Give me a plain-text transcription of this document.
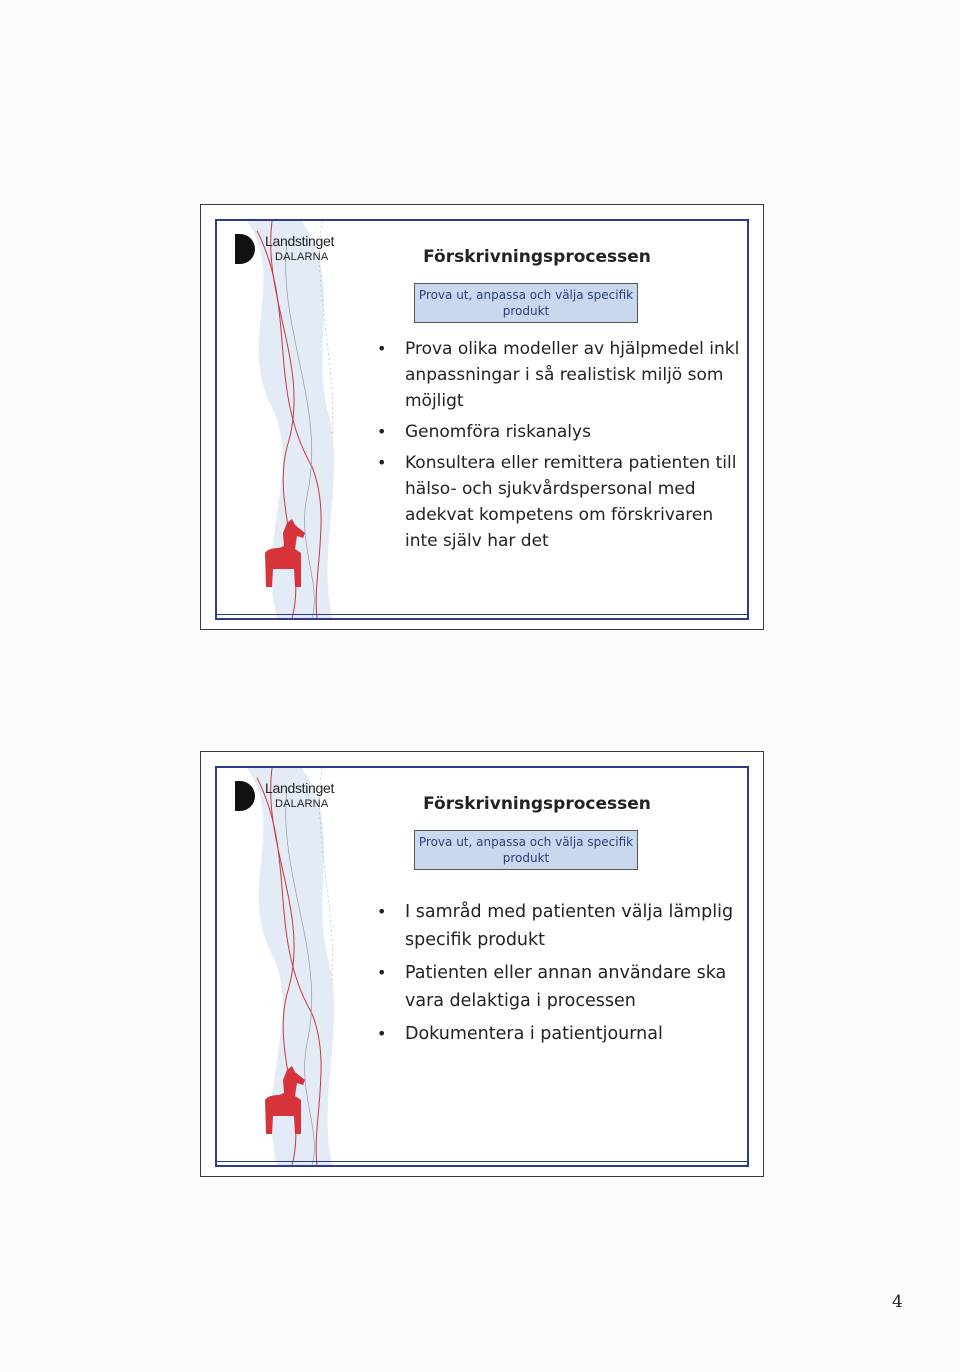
Landstinget
DALARNA	Förskrivningsprocessen
Prova ut, anpassa och välja specifik produkt
• Prova olika modeller av hjälpmedel inkl anpassningar i så realistisk miljö som möjligt
• Genomföra riskanalys
• Konsultera eller remittera patienten till hälso- och sjukvårdspersonal med adekvat kompetens om förskrivaren inte själv har det
Landstinget
DALARNA	Förskrivningsprocessen
Prova ut, anpassa och välja specifik produkt
• I samråd med patienten välja lämplig specifik produkt
• Patienten eller annan användare ska vara delaktiga i processen
• Dokumentera i patientjournal
4
